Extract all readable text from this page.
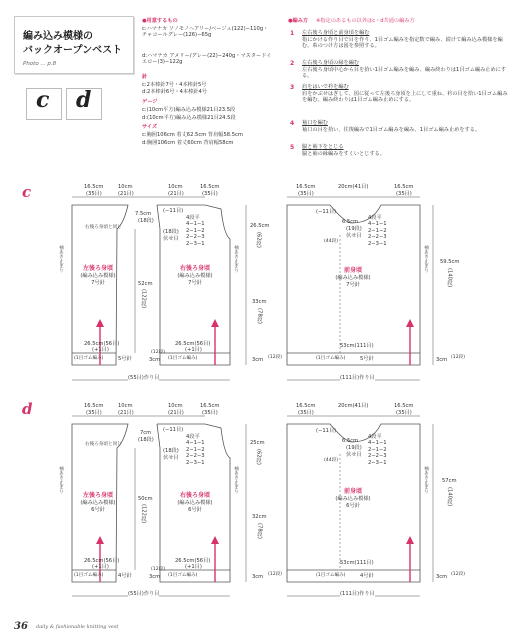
編み込み模様の
バックオープンベスト
Photo ... p.8
c d
●用意するもの
c:ハマナカ ソノモノヘアリー/ベージュ(122)−110g・チャコールグレー(126)−65g
d:ハマナカ アメリー/グレー(22)−240g・マスタードイエロー(3)−122g
針
c:2本棒針7号・4本棒針5号
d:2本棒針6号・4本棒針4号
ゲージ
c:(10cm平方)編み込み模様21目23.5段
d:(10cm平方)編み込み模様21目24.5段
サイズ
c:胸囲106cm 着丈62.5cm 背肩幅58.5cm
d:胸囲106cm 着丈60cm 背肩幅58cm
●編み方 ※指定のあるもの以外はc・d共通の編み方
1 左右後ろ身頃と前身頃を編む
指にかける作り目で目を作り、1目ゴム編みを指定数で編み、続けて編み込み模様を編む。糸のつけ方は図を参照する。
2 左右後ろ身頃の縁を編む
左右後ろ身頃中心から目を拾い1目ゴム編みを編み、編み終わりは1目ゴム編み止めにする。
3 肩をはいで衿を編む
肩をかぶせはぎして、図に従って左後ろ身頃を上にして重ね、衿の目を拾い1目ゴム編みを編む。編み終わりは1目ゴム編み止めにする。
4 袖口を編む
袖口の目を拾い、往復編みで1目ゴム編みを編み、1目ゴム編み止めをする。
5 脇と袖下をとじる
脇と袖の縁編みをすくいとじする。
c	16.5cm
(35目)
10cm
(21目)
右後ろ身頃と同じ
左後ろ身頃
(編み込み模様)
7号針
袖あき止まり
26.5cm(56目)
(+1目)
(1目ゴム編み)	5号針
52cm
(122段)
7.5cm
(18段)
(55目)作り目
10cm
(21目)
16.5cm
(35目)
(−11目)
(18段)
伏せ目
4段平
4−1−1
2−1−2
2−2−3
2−3−1
右後ろ身頃
(編み込み模様)
7号針
26.5cm(56目)
(+1目)
(1目ゴム編み)
3cm
(12段)
26.5cm
(62段)
袖あき止まり
33cm
(78段)
3cm (12段)
16.5cm
(35目)
20cm(41目)	16.5cm
(35目)
(−11目)
6.5cm
(19段)
伏せ目
4段平
4−1−1
2−1−2
2−2−3
2−3−1
(44段)
前身頃
(編み込み模様)
7号針
53cm(111目)
(1目ゴム編み)	5号針
(111目)作り目
59.5cm
(140段)
袖あき止まり
3cm (12段)
d	16.5cm
(35目)
10cm
(21目)
右後ろ身頃と同じ
左後ろ身頃
(編み込み模様)
6号針
袖あき止まり
26.5cm(56目)
(+1目)
(1目ゴム編み)	4号針
50cm
(122段)
7cm
(18段)
(55目)作り目
10cm
(21目)
16.5cm
(35目)
(−11目)
(18段)
伏せ目
4段平
4−1−1
2−1−2
2−2−3
2−3−1
右後ろ身頃
(編み込み模様)
6号針
26.5cm(56目)
(+1目)
(1目ゴム編み)
3cm
(12段)
25cm
(62段)
袖あき止まり
32cm
(78段)
3cm (12段)
16.5cm
(35目)
20cm(41目)	16.5cm
(35目)
(−11目)
6.5cm
(19段)
伏せ目
4段平
4−1−1
2−1−2
2−2−3
2−3−1
(44段)
前身頃
(編み込み模様)
6号針
53cm(111目)
(1目ゴム編み)	4号針
(111目)作り目
57cm
(140段)
袖あき止まり
3cm (12段)
36 daily & fashionable knitting vest
